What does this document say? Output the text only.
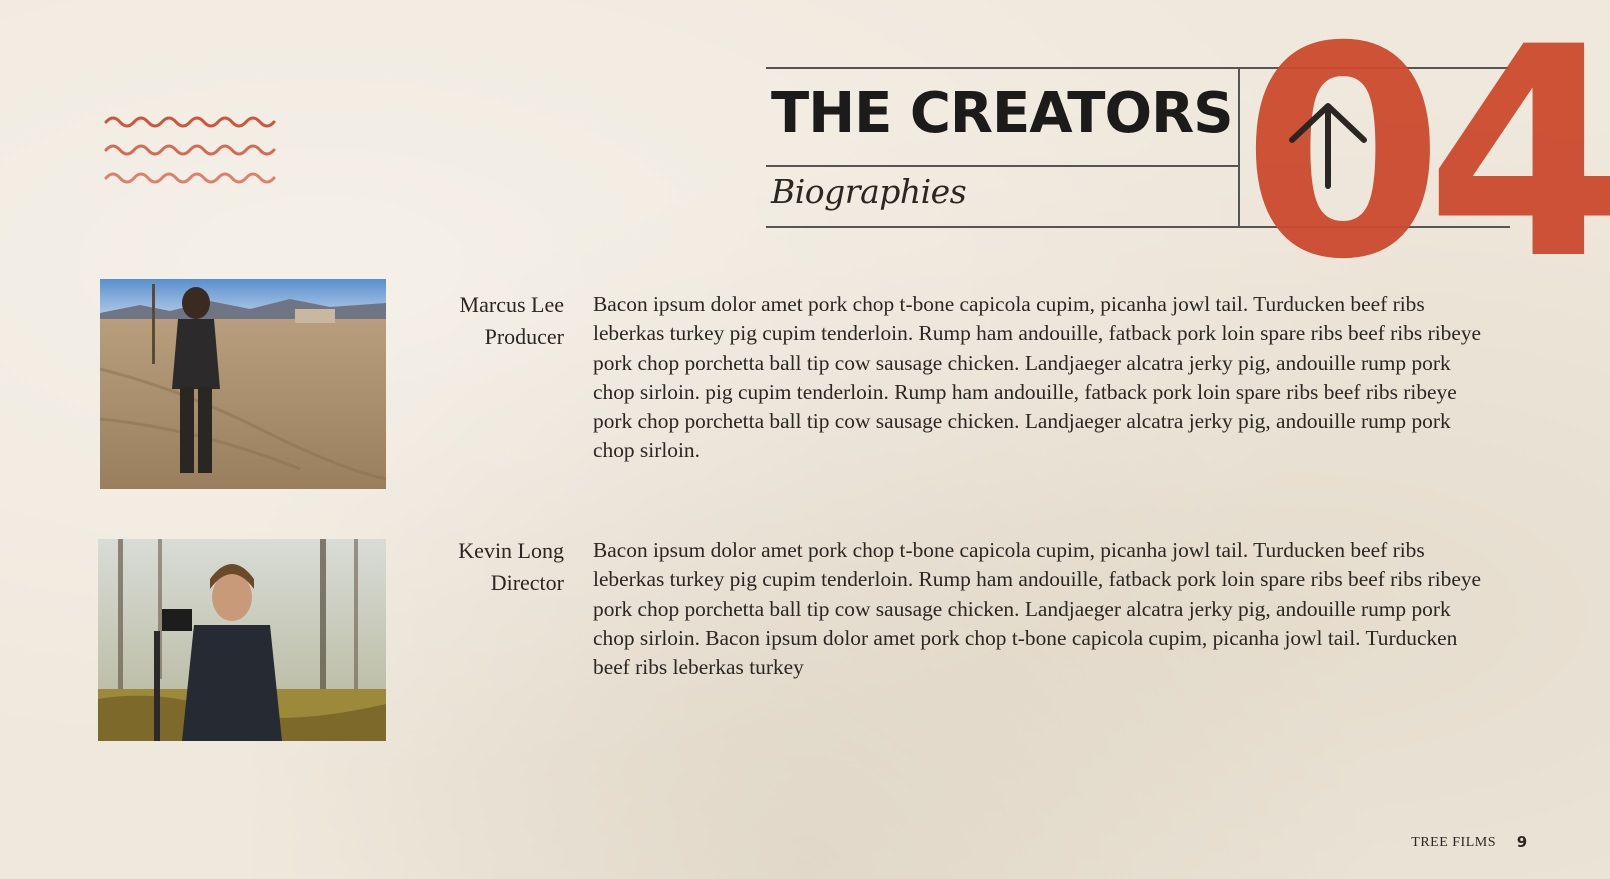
04
THE CREATORS
Biographies
Marcus Lee
Producer
Bacon ipsum dolor amet pork chop t-bone capicola cupim, picanha jowl tail. Turducken beef ribs leberkas turkey pig cupim tenderloin. Rump ham andouille, fatback pork loin spare ribs beef ribs ribeye pork chop porchetta ball tip cow sausage chicken. Landjaeger alcatra jerky pig, andouille rump pork chop sirloin. pig cupim tenderloin. Rump ham andouille, fatback pork loin spare ribs beef ribs ribeye pork chop porchetta ball tip cow sausage chicken. Landjaeger alcatra jerky pig, andouille rump pork chop sirloin.
Kevin Long
Director
Bacon ipsum dolor amet pork chop t-bone capicola cupim, picanha jowl tail. Turducken beef ribs leberkas turkey pig cupim tenderloin. Rump ham andouille, fatback pork loin spare ribs beef ribs ribeye pork chop porchetta ball tip cow sausage chicken. Landjaeger alcatra jerky pig, andouille rump pork chop sirloin. Bacon ipsum dolor amet pork chop t-bone capicola cupim, picanha jowl tail. Turducken beef ribs leberkas turkey
TREE FILMS	9
